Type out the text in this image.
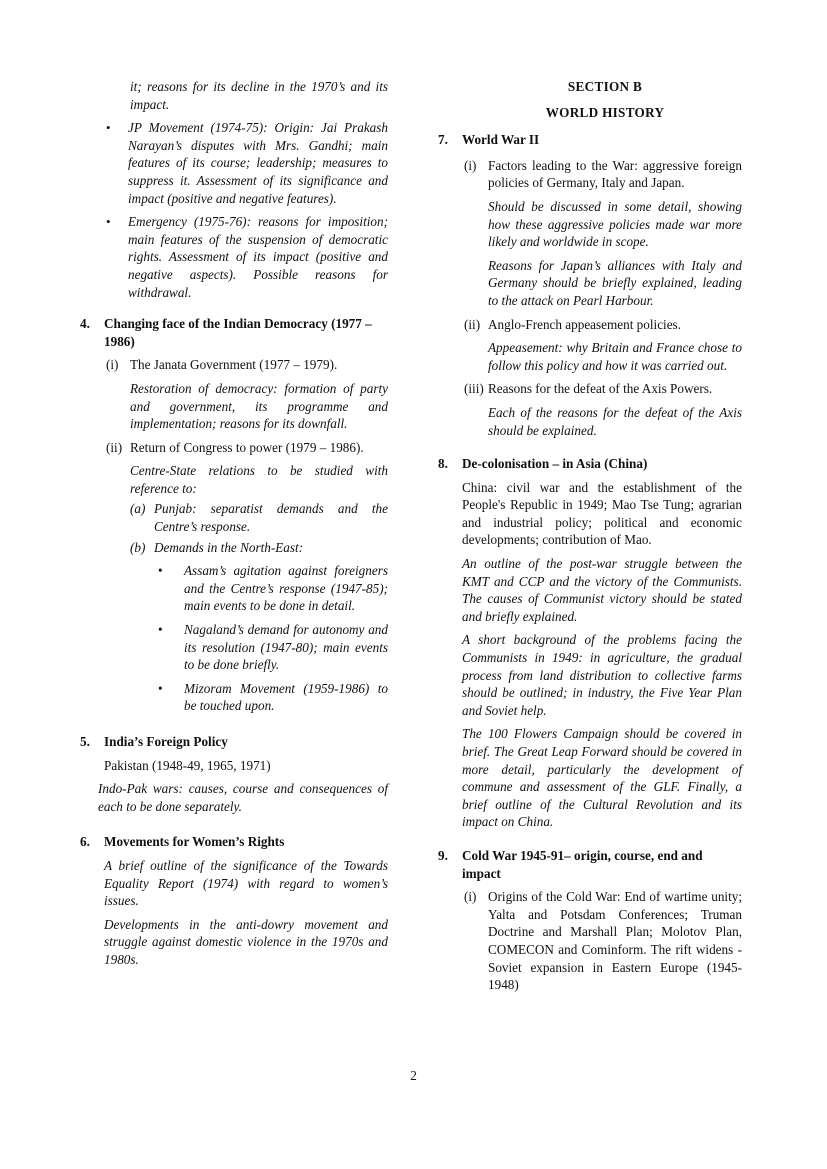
it; reasons for its decline in the 1970’s and its impact.

•	JP Movement (1974-75): Origin: Jai Prakash Narayan’s disputes with Mrs. Gandhi; main features of its course; leadership; measures to suppress it. Assessment of its significance and impact (positive and negative features).
•	Emergency (1975-76): reasons for imposition; main features of the suspension of democratic rights. Assessment of its impact (positive and negative aspects). Possible reasons for withdrawal.
4.	Changing face of the Indian Democracy (1977 – 1986)
(i) The Janata Government (1977 – 1979).

Restoration of democracy: formation of party and government, its programme and implementation; reasons for its downfall.

(ii) Return of Congress to power (1979 – 1986).

Centre-State relations to be studied with reference to:

(a) Punjab: separatist demands and the Centre’s response.
(b) Demands in the North-East:
•	Assam’s agitation against foreigners and the Centre’s response (1947-85); main events to be done in detail.
•	Nagaland’s demand for autonomy and its resolution (1947-80); main events to be done briefly.
•	Mizoram Movement (1959-1986) to be touched upon.
5.	India’s Foreign Policy

Pakistan (1948-49, 1965, 1971)

Indo-Pak wars: causes, course and consequences of each to be done separately.

6.	Movements for Women’s Rights

A brief outline of the significance of the Towards Equality Report (1974) with regard to women’s issues.

Developments in the anti-dowry movement and struggle against domestic violence in the 1970s and 1980s.

SECTION B

WORLD HISTORY

7.	World War II
(i) Factors leading to the War: aggressive foreign policies of Germany, Italy and Japan.

Should be discussed in some detail, showing how these aggressive policies made war more likely and worldwide in scope.

Reasons for Japan’s alliances with Italy and Germany should be briefly explained, leading to the attack on Pearl Harbour.

(ii) Anglo-French appeasement policies.

Appeasement: why Britain and France chose to follow this policy and how it was carried out.

(iii) Reasons for the defeat of the Axis Powers.

Each of the reasons for the defeat of the Axis should be explained.

8.	De-colonisation – in Asia (China)

China: civil war and the establishment of the People's Republic in 1949; Mao Tse Tung; agrarian and industrial policy; political and economic developments; contribution of Mao.

An outline of the post-war struggle between the KMT and CCP and the victory of the Communists. The causes of Communist victory should be stated and briefly explained.

A short background of the problems facing the Communists in 1949: in agriculture, the gradual process from land distribution to collective farms should be outlined; in industry, the Five Year Plan and Soviet help.

The 100 Flowers Campaign should be covered in brief. The Great Leap Forward should be covered in more detail, particularly the development of commune and assessment of the GLF. Finally, a brief outline of the Cultural Revolution and its impact on China.

9.	Cold War 1945-91– origin, course, end and impact
(i) Origins of the Cold War: End of wartime unity; Yalta and Potsdam Conferences; Truman Doctrine and Marshall Plan; Molotov Plan, COMECON and Cominform. The rift widens - Soviet expansion in Eastern Europe (1945-1948)
2
